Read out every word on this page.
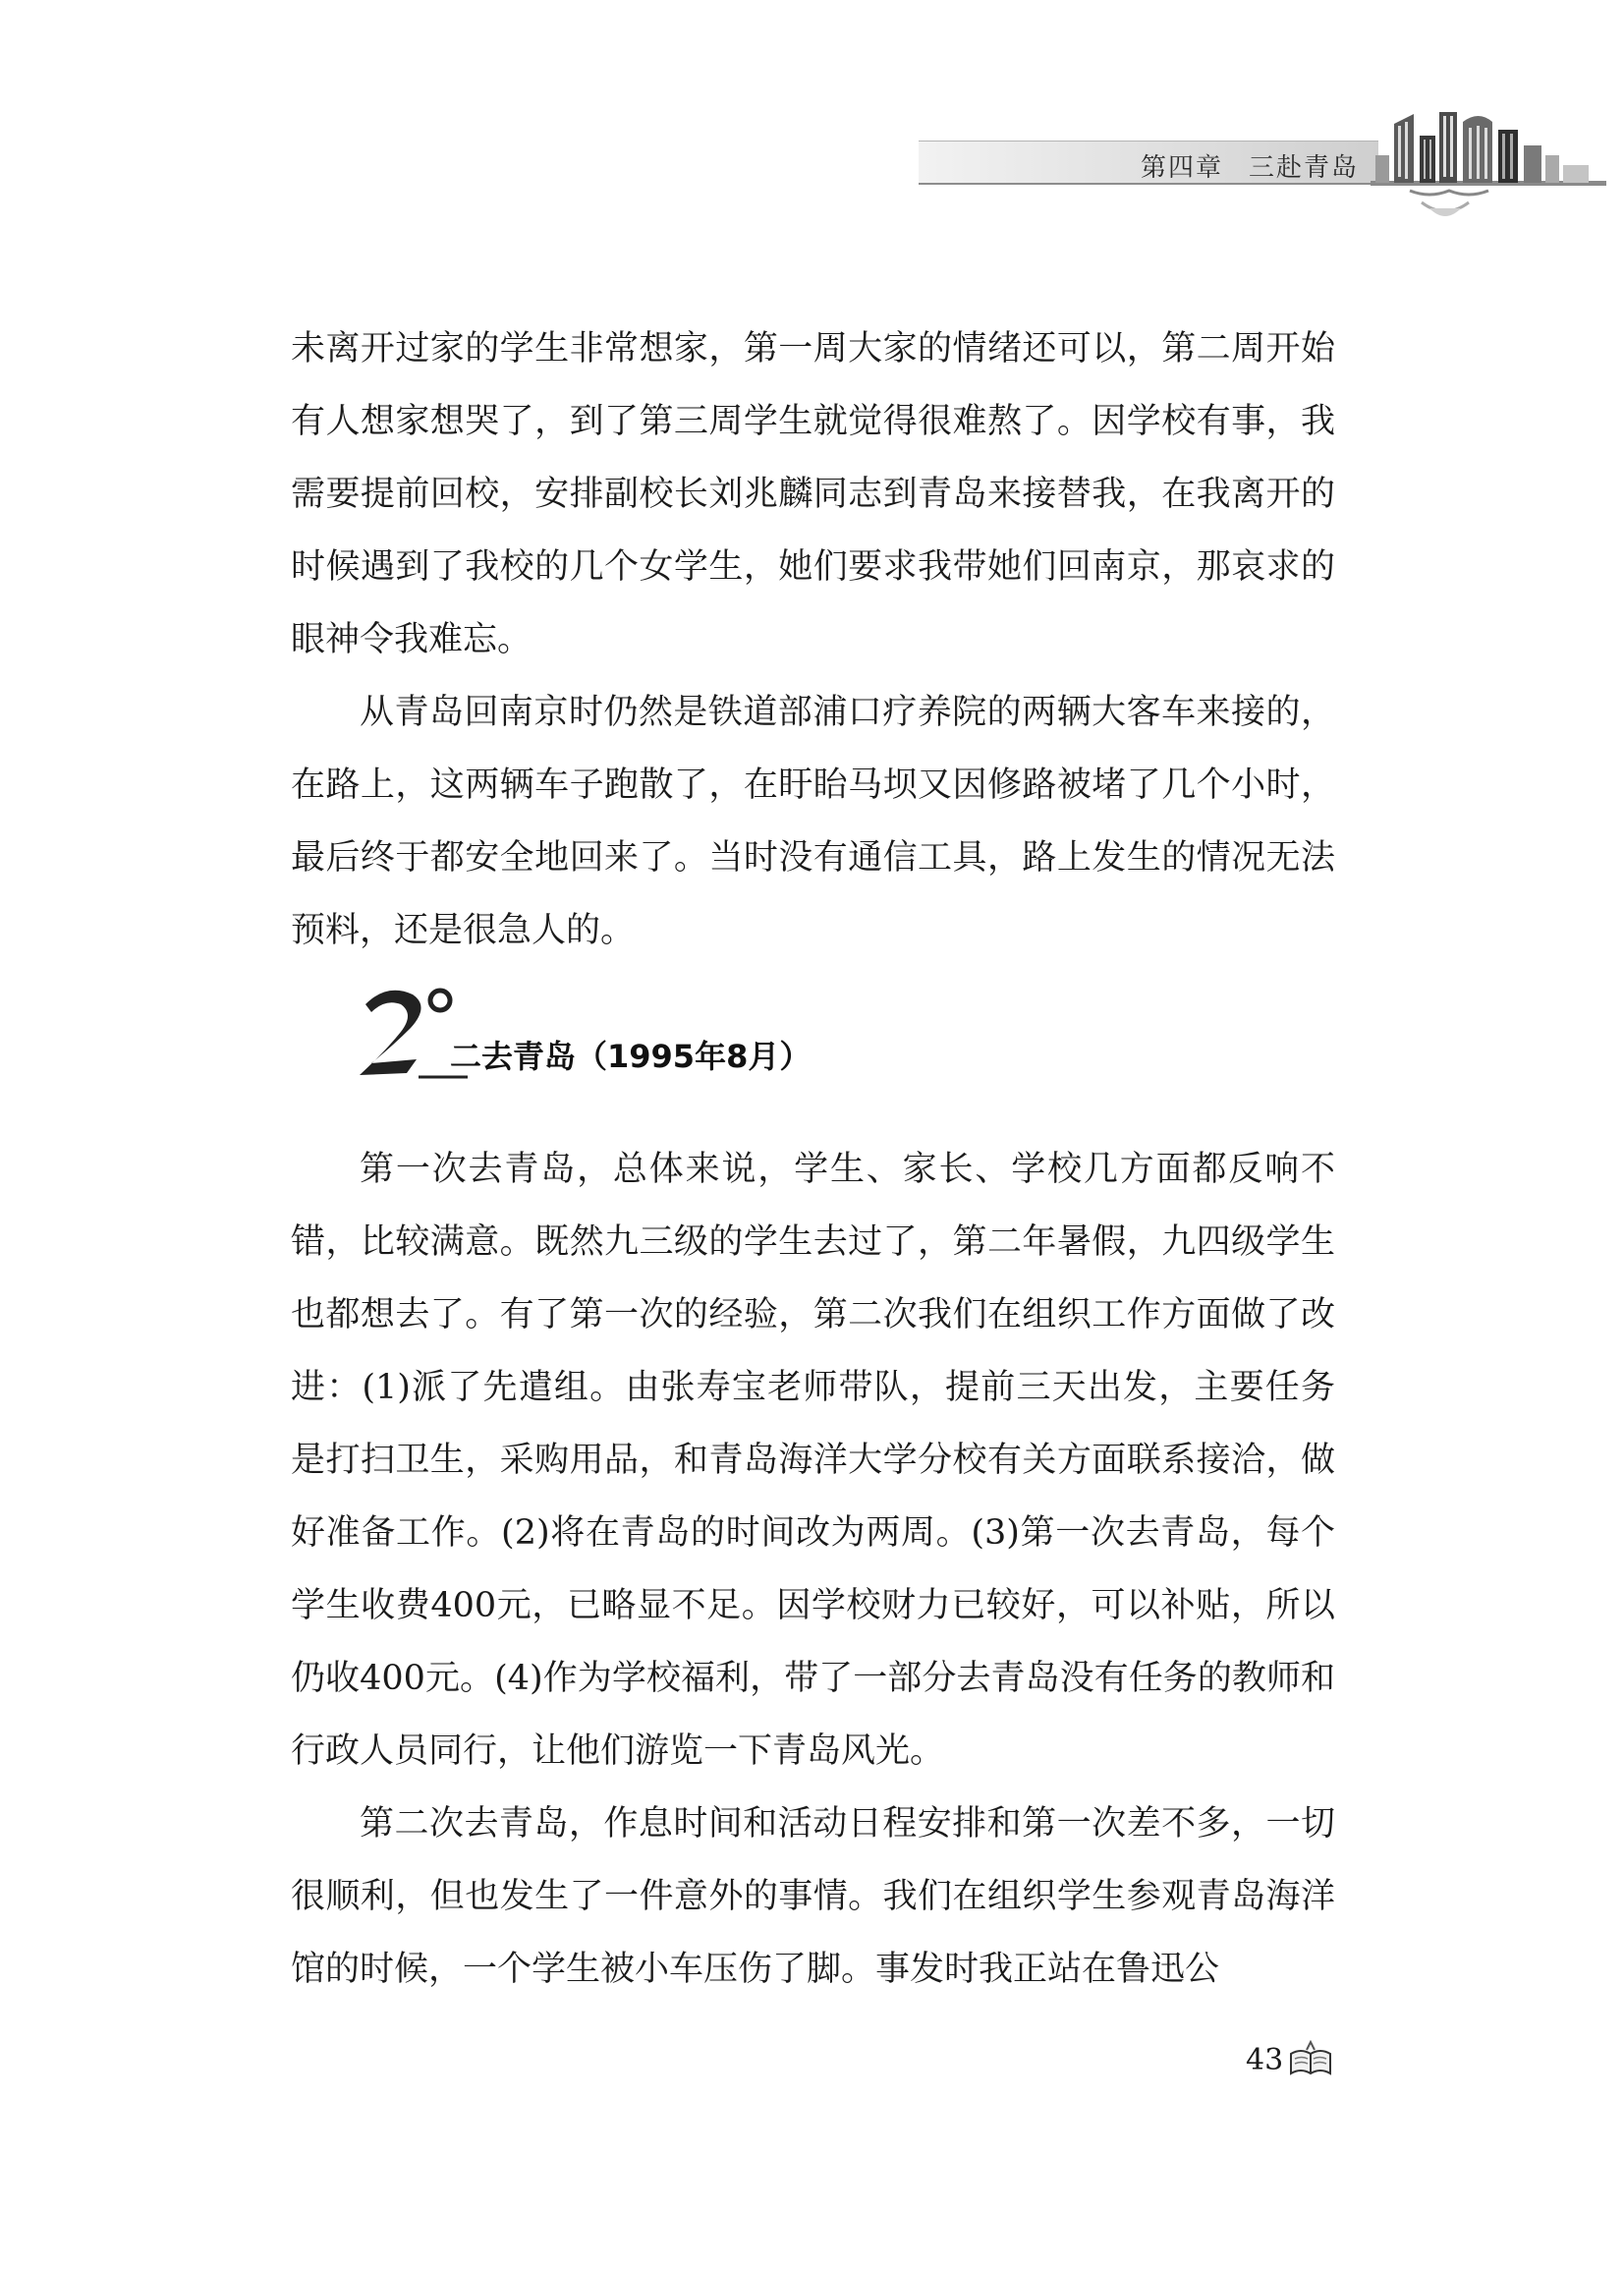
第四章 三赴青岛

未离开过家的学生非常想家，第一周大家的情绪还可以，第二周开始有人想家想哭了，到了第三周学生就觉得很难熬了。因学校有事，我需要提前回校，安排副校长刘兆麟同志到青岛来接替我，在我离开的时候遇到了我校的几个女学生，她们要求我带她们回南京，那哀求的眼神令我难忘。

从青岛回南京时仍然是铁道部浦口疗养院的两辆大客车来接的，在路上，这两辆车子跑散了，在盱眙马坝又因修路被堵了几个小时，最后终于都安全地回来了。当时没有通信工具，路上发生的情况无法预料，还是很急人的。

二去青岛（1995年8月）

第一次去青岛，总体来说，学生、家长、学校几方面都反响不错，比较满意。既然九三级的学生去过了，第二年暑假，九四级学生也都想去了。有了第一次的经验，第二次我们在组织工作方面做了改进：(1)派了先遣组。由张寿宝老师带队，提前三天出发，主要任务是打扫卫生，采购用品，和青岛海洋大学分校有关方面联系接洽，做好准备工作。(2)将在青岛的时间改为两周。(3)第一次去青岛，每个学生收费400元，已略显不足。因学校财力已较好，可以补贴，所以仍收400元。(4)作为学校福利，带了一部分去青岛没有任务的教师和行政人员同行，让他们游览一下青岛风光。

第二次去青岛，作息时间和活动日程安排和第一次差不多，一切很顺利，但也发生了一件意外的事情。我们在组织学生参观青岛海洋馆的时候，一个学生被小车压伤了脚。事发时我正站在鲁迅公

43
